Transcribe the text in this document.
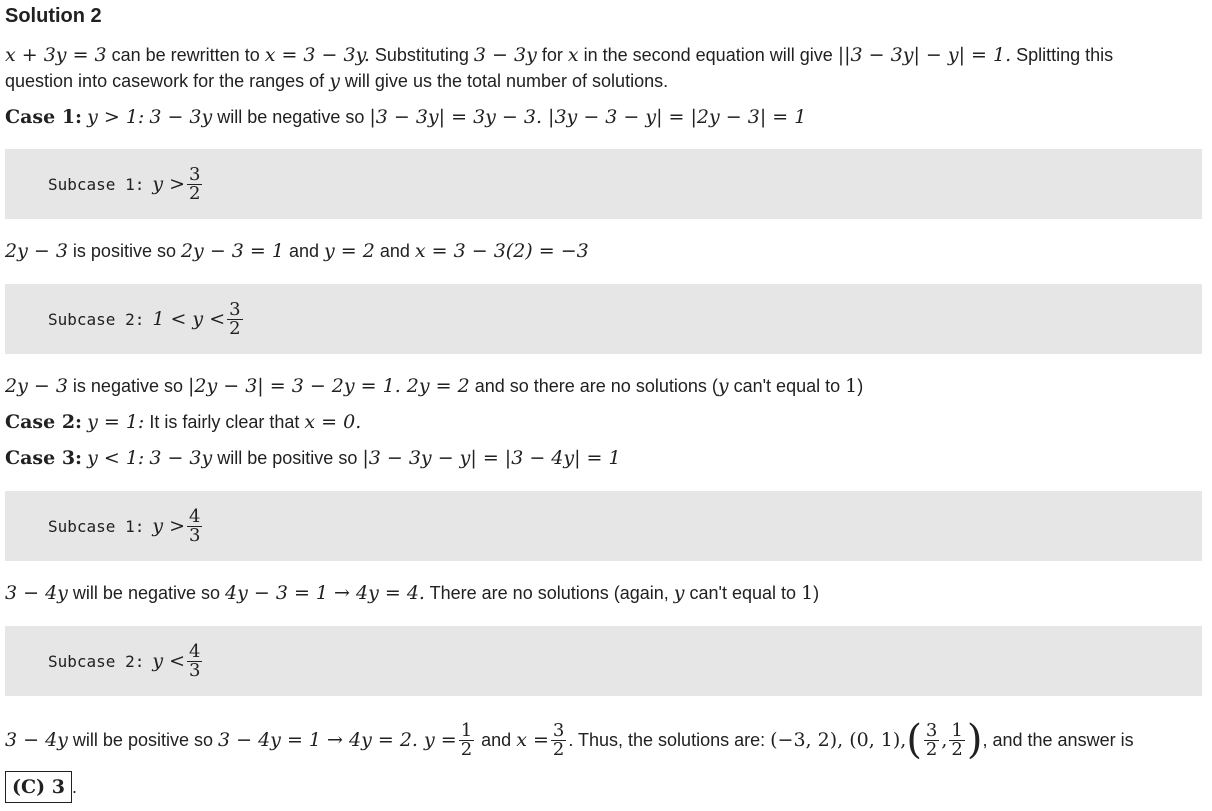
Solution 2
x + 3y = 3 can be rewritten to x = 3 − 3y. Substituting 3 − 3y for x in the second equation will give ||3 − 3y| − y| = 1. Splitting this
question into casework for the ranges of y will give us the total number of solutions.
Case 1: y > 1: 3 − 3y will be negative so |3 − 3y| = 3y − 3. |3y − 3 − y| = |2y − 3| = 1
Subcase 1: $y > \frac{3}{2}$
2y − 3 is positive so 2y − 3 = 1 and y = 2 and x = 3 − 3(2) = −3
Subcase 2: $1 < y < \frac{3}{2}$
2y − 3 is negative so |2y − 3| = 3 − 2y = 1. 2y = 2 and so there are no solutions (y can't equal to 1)
Case 2: y = 1: It is fairly clear that x = 0.
Case 3: y < 1: 3 − 3y will be positive so |3 − 3y − y| = |3 − 4y| = 1
Subcase 1: $y > \frac{4}{3}$
3 − 4y will be negative so 4y − 3 = 1 → 4y = 4. There are no solutions (again, y can't equal to 1)
Subcase 2: $y < \frac{4}{3}$
3 − 4y will be positive so 3 − 4y = 1 → 4y = 2. $y = \frac{1}{2}$ and $x = \frac{3}{2}$ . Thus, the solutions are: (−3, 2), (0, 1), ( $\frac{3}{2}$ , $\frac{1}{2}$ ) , and the answer is
(C) 3 .
